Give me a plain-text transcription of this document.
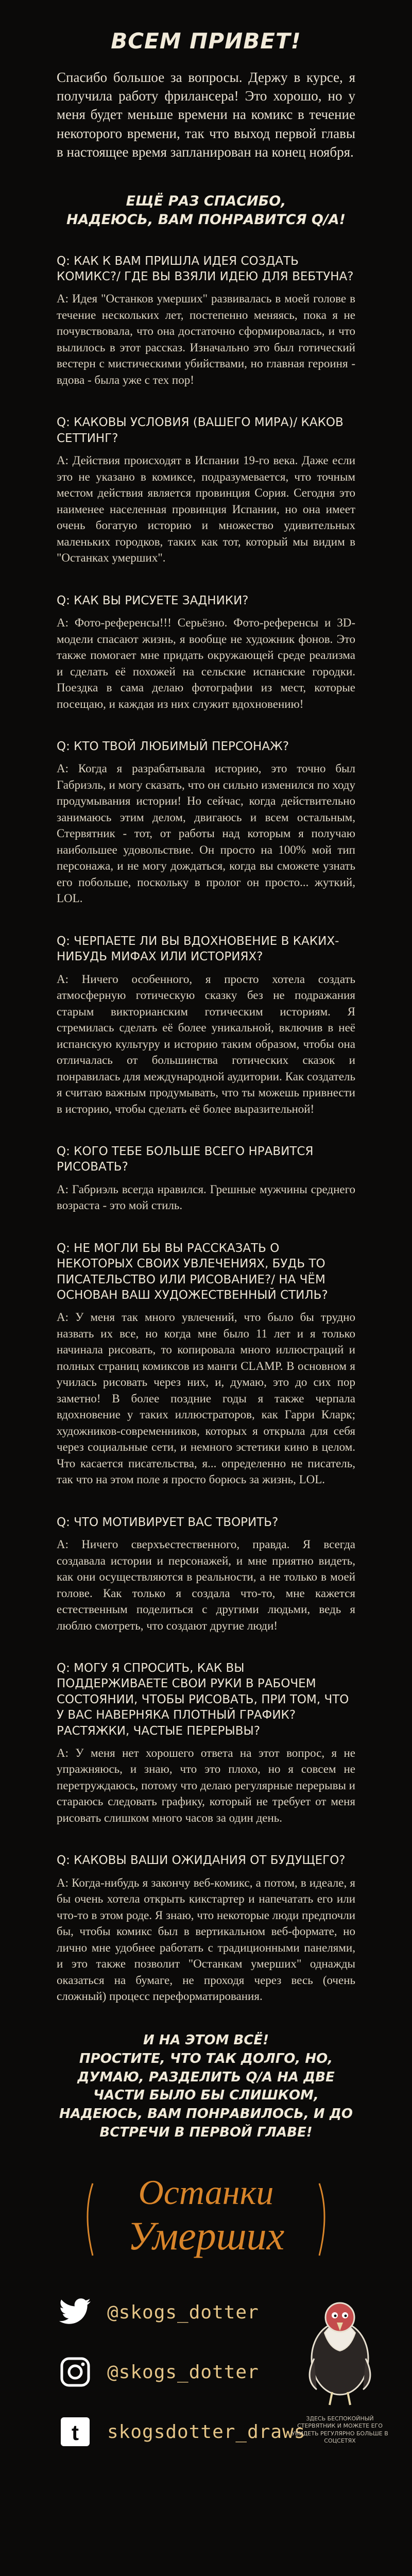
ВСЕМ ПРИВЕТ!

Спасибо большое за вопросы. Держу в курсе, я получила работу фрилансера! Это хорошо, но у меня будет меньше времени на комикс в течение некоторого времени, так что выход первой главы в настоящее время запланирован на конец ноября.

ЕЩЁ РАЗ СПАСИБО,
НАДЕЮСЬ, ВАМ ПОНРАВИТСЯ Q/A!

Q: КАК К ВАМ ПРИШЛА ИДЕЯ СОЗДАТЬ КОМИКС?/ ГДЕ ВЫ ВЗЯЛИ ИДЕЮ ДЛЯ ВЕБТУНА?

А: Идея "Останков умерших" развивалась в моей голове в течение нескольких лет, постепенно меняясь, пока я не почувствовала, что она достаточно сформировалась, и что вылилось в этот рассказ. Изначально это был готический вестерн с мистическими убийствами, но главная героиня - вдова - была уже с тех пор!

Q: КАКОВЫ УСЛОВИЯ (ВАШЕГО МИРА)/ КАКОВ СЕТТИНГ?

А: Действия происходят в Испании 19-го века. Даже если это не указано в комиксе, подразумевается, что точным местом действия является провинция Сория. Сегодня это наименее населенная провинция Испании, но она имеет очень богатую историю и множество удивительных маленьких городков, таких как тот, который мы видим в "Останках умерших".

Q: КАК ВЫ РИСУЕТЕ ЗАДНИКИ?

А: Фото-референсы!!! Серьёзно. Фото-референсы и 3D-модели спасают жизнь, я вообще не художник фонов. Это также помогает мне придать окружающей среде реализма и сделать её похожей на сельские испанские городки. Поездка в сама делаю фотографии из мест, которые посещаю, и каждая из них служит вдохновению!

Q: КТО ТВОЙ ЛЮБИМЫЙ ПЕРСОНАЖ?

А: Когда я разрабатывала историю, это точно был Габриэль, и могу сказать, что он сильно изменился по ходу продумывания истории! Но сейчас, когда действительно занимаюсь этим делом, двигаюсь и всем остальным, Стервятник - тот, от работы над которым я получаю наибольшее удовольствие. Он просто на 100% мой тип персонажа, и не могу дождаться, когда вы сможете узнать его побольше, поскольку в пролог он просто... жуткий, LOL.

Q: ЧЕРПАЕТЕ ЛИ ВЫ ВДОХНОВЕНИЕ В КАКИХ-НИБУДЬ МИФАХ ИЛИ ИСТОРИЯХ?

А: Ничего особенного, я просто хотела создать атмосферную готическую сказку без не подражания старым викторианским готическим историям. Я стремилась сделать её более уникальной, включив в неё испанскую культуру и историю таким образом, чтобы она отличалась от большинства готических сказок и понравилась для международной аудитории. Как создатель я считаю важным продумывать, что ты можешь привнести в историю, чтобы сделать её более выразительной!

Q: КОГО ТЕБЕ БОЛЬШЕ ВСЕГО НРАВИТСЯ РИСОВАТЬ?

А: Габриэль всегда нравился. Грешные мужчины среднего возраста - это мой стиль.

Q: НЕ МОГЛИ БЫ ВЫ РАССКАЗАТЬ О НЕКОТОРЫХ СВОИХ УВЛЕЧЕНИЯХ, БУДЬ ТО ПИСАТЕЛЬСТВО ИЛИ РИСОВАНИЕ?/ НА ЧЁМ ОСНОВАН ВАШ ХУДОЖЕСТВЕННЫЙ СТИЛЬ?

А: У меня так много увлечений, что было бы трудно назвать их все, но когда мне было 11 лет и я только начинала рисовать, то копировала много иллюстраций и полных страниц комиксов из манги CLAMP. В основном я училась рисовать через них, и, думаю, это до сих пор заметно! В более поздние годы я также черпала вдохновение у таких иллюстраторов, как Гарри Кларк; художников-современников, которых я открыла для себя через социальные сети, и немного эстетики кино в целом. Что касается писательства, я... определенно не писатель, так что на этом поле я просто борюсь за жизнь, LOL.

Q: ЧТО МОТИВИРУЕТ ВАС ТВОРИТЬ?

А: Ничего сверхъестественного, правда. Я всегда создавала истории и персонажей, и мне приятно видеть, как они осуществляются в реальности, а не только в моей голове. Как только я создала что-то, мне кажется естественным поделиться с другими людьми, ведь я люблю смотреть, что создают другие люди!

Q: МОГУ Я СПРОСИТЬ, КАК ВЫ ПОДДЕРЖИВАЕТЕ СВОИ РУКИ В РАБОЧЕМ СОСТОЯНИИ, ЧТОБЫ РИСОВАТЬ, ПРИ ТОМ, ЧТО У ВАС НАВЕРНЯКА ПЛОТНЫЙ ГРАФИК? РАСТЯЖКИ, ЧАСТЫЕ ПЕРЕРЫВЫ?

А: У меня нет хорошего ответа на этот вопрос, я не упражняюсь, и знаю, что это плохо, но я совсем не перетруждаюсь, потому что делаю регулярные перерывы и стараюсь следовать графику, который не требует от меня рисовать слишком много часов за один день.

Q: КАКОВЫ ВАШИ ОЖИДАНИЯ ОТ БУДУЩЕГО?

А: Когда-нибудь я закончу веб-комикс, а потом, в идеале, я бы очень хотела открыть кикстартер и напечатать его или что-то в этом роде. Я знаю, что некоторые люди предпочли бы, чтобы комикс был в вертикальном веб-формате, но лично мне удобнее работать с традиционными панелями, и это также позволит "Останкам умерших" однажды оказаться на бумаге, не проходя через весь (очень сложный) процесс переформатирования.

И НА ЭТОМ ВСЁ!
ПРОСТИТЕ, ЧТО ТАК ДОЛГО, НО, ДУМАЮ, РАЗДЕЛИТЬ Q/A НА ДВЕ ЧАСТИ БЫЛО БЫ СЛИШКОМ, НАДЕЮСЬ, ВАМ ПОНРАВИЛОСЬ, И ДО ВСТРЕЧИ В ПЕРВОЙ ГЛАВЕ!
Останки
Умерших
@skogs_dotter
@skogs_dotter
t skogsdotter_draws
ЗДЕСЬ БЕСПОКОЙНЫЙ СТЕРВЯТНИК И МОЖЕТЕ ЕГО УВИДЕТЬ РЕГУЛЯРНО БОЛЬШЕ В СОЦСЕТЯХ
